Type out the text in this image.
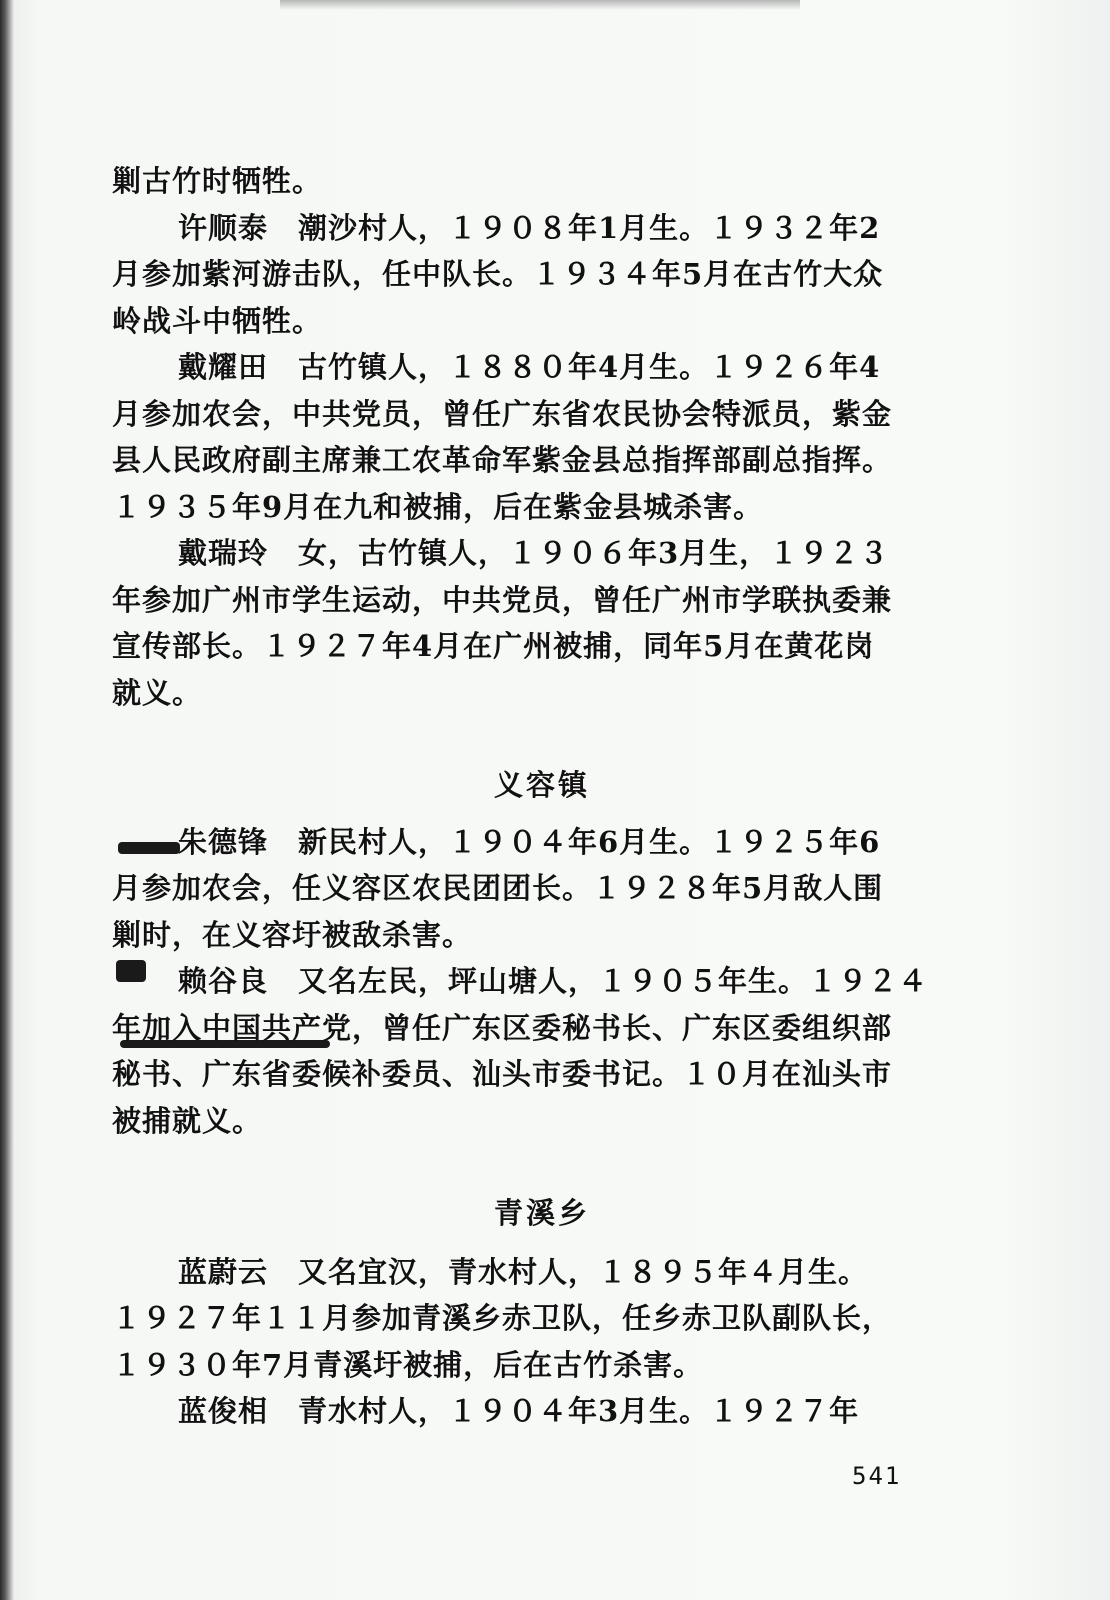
剿古竹时牺牲。
许顺泰　潮沙村人，１９０８年1月生。１９３２年2
月参加紫河游击队，任中队长。１９３４年5月在古竹大众
岭战斗中牺牲。
戴耀田　古竹镇人，１８８０年4月生。１９２６年4
月参加农会，中共党员，曾任广东省农民协会特派员，紫金
县人民政府副主席兼工农革命军紫金县总指挥部副总指挥。
１９３５年9月在九和被捕，后在紫金县城杀害。
戴瑞玲　女，古竹镇人，１９０６年3月生，１９２３
年参加广州市学生运动，中共党员，曾任广州市学联执委兼
宣传部长。１９２７年4月在广州被捕，同年5月在黄花岗
就义。
义容镇
朱德锋　新民村人，１９０４年6月生。１９２５年6
月参加农会，任义容区农民团团长。１９２８年5月敌人围
剿时，在义容圩被敌杀害。
赖谷良　又名左民，坪山塘人，１９０５年生。１９２４
年加入中国共产党，曾任广东区委秘书长、广东区委组织部
秘书、广东省委候补委员、汕头市委书记。１０月在汕头市
被捕就义。
青溪乡
蓝蔚云　又名宜汉，青水村人，１８９５年４月生。
１９２７年１１月参加青溪乡赤卫队，任乡赤卫队副队长，
１９３０年7月青溪圩被捕，后在古竹杀害。
蓝俊相　青水村人，１９０４年3月生。１９２７年
541
